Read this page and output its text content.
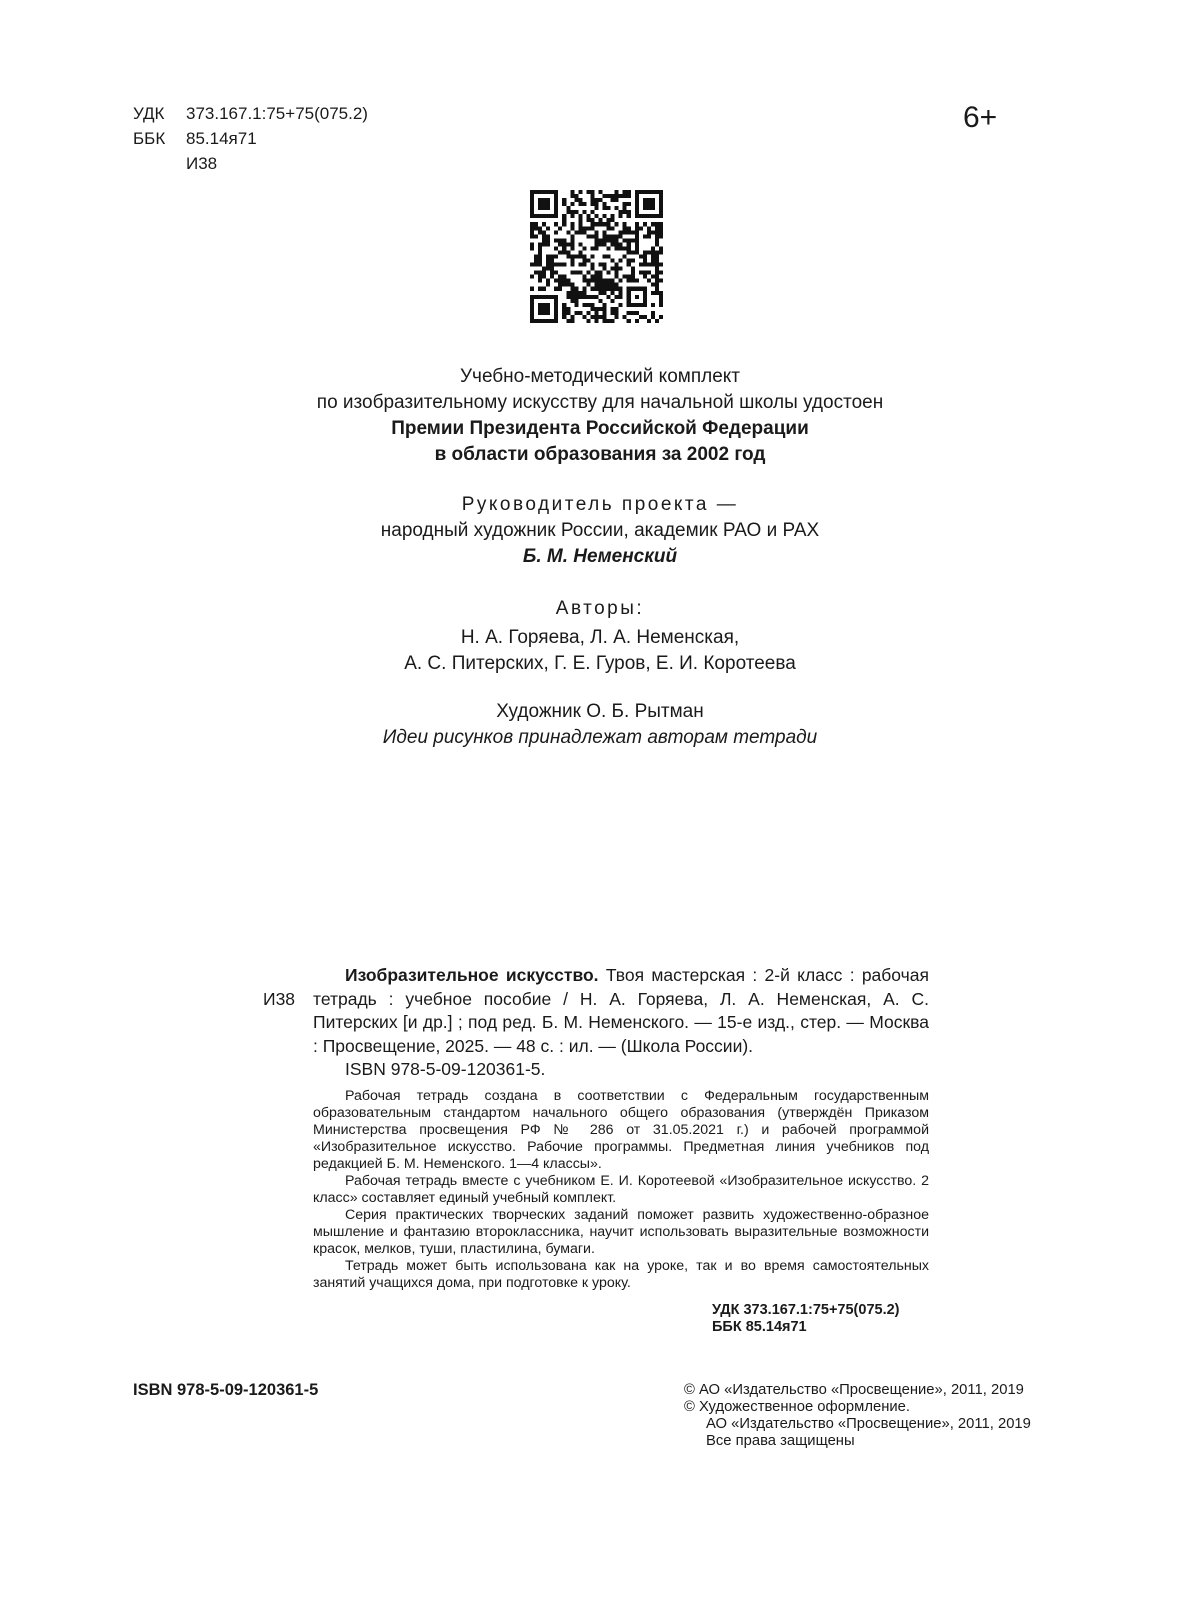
УДК	373.167.1:75+75(075.2)
ББК	85.14я71
И38
6+
Учебно-методический комплект
по изобразительному искусству для начальной школы удостоен
Премии Президента Российской Федерации
в области образования за 2002 год
Руководитель проекта —
народный художник России, академик РАО и РАХ
Б. М. Неменский
Авторы:
Н. А. Горяева, Л. А. Неменская,
А. С. Питерских, Г. Е. Гуров, Е. И. Коротеева
Художник О. Б. Рытман
Идеи рисунков принадлежат авторам тетради
И38
Изобразительное искусство. Твоя мастерская : 2-й класс : рабочая тетрадь : учебное пособие / Н. А. Горяева, Л. А. Неменская, А. С. Питерских [и др.] ; под ред. Б. М. Неменского. — 15-е изд., стер. — Москва : Просвещение, 2025. — 48 с. : ил. — (Школа России).
ISBN 978-5-09-120361-5.

Рабочая тетрадь создана в соответствии с Федеральным государственным образовательным стандартом начального общего образования (утверждён Приказом Министерства просвещения РФ № 286 от 31.05.2021 г.) и рабочей программой «Изобразительное искусство. Рабочие программы. Предметная линия учебников под редакцией Б. М. Неменского. 1—4 классы».

Рабочая тетрадь вместе с учебником Е. И. Коротеевой «Изобразительное искусство. 2 класс» составляет единый учебный комплект.

Серия практических творческих заданий поможет развить художественно-образное мышление и фантазию второклассника, научит использовать выразительные возможности красок, мелков, туши, пластилина, бумаги.

Тетрадь может быть использована как на уроке, так и во время самостоятельных занятий учащихся дома, при подготовке к уроку.

УДК 373.167.1:75+75(075.2)
ББК 85.14я71
ISBN 978-5-09-120361-5	© АО «Издательство «Просвещение», 2011, 2019
© Художественное оформление.
АО «Издательство «Просвещение», 2011, 2019
Все права защищены
